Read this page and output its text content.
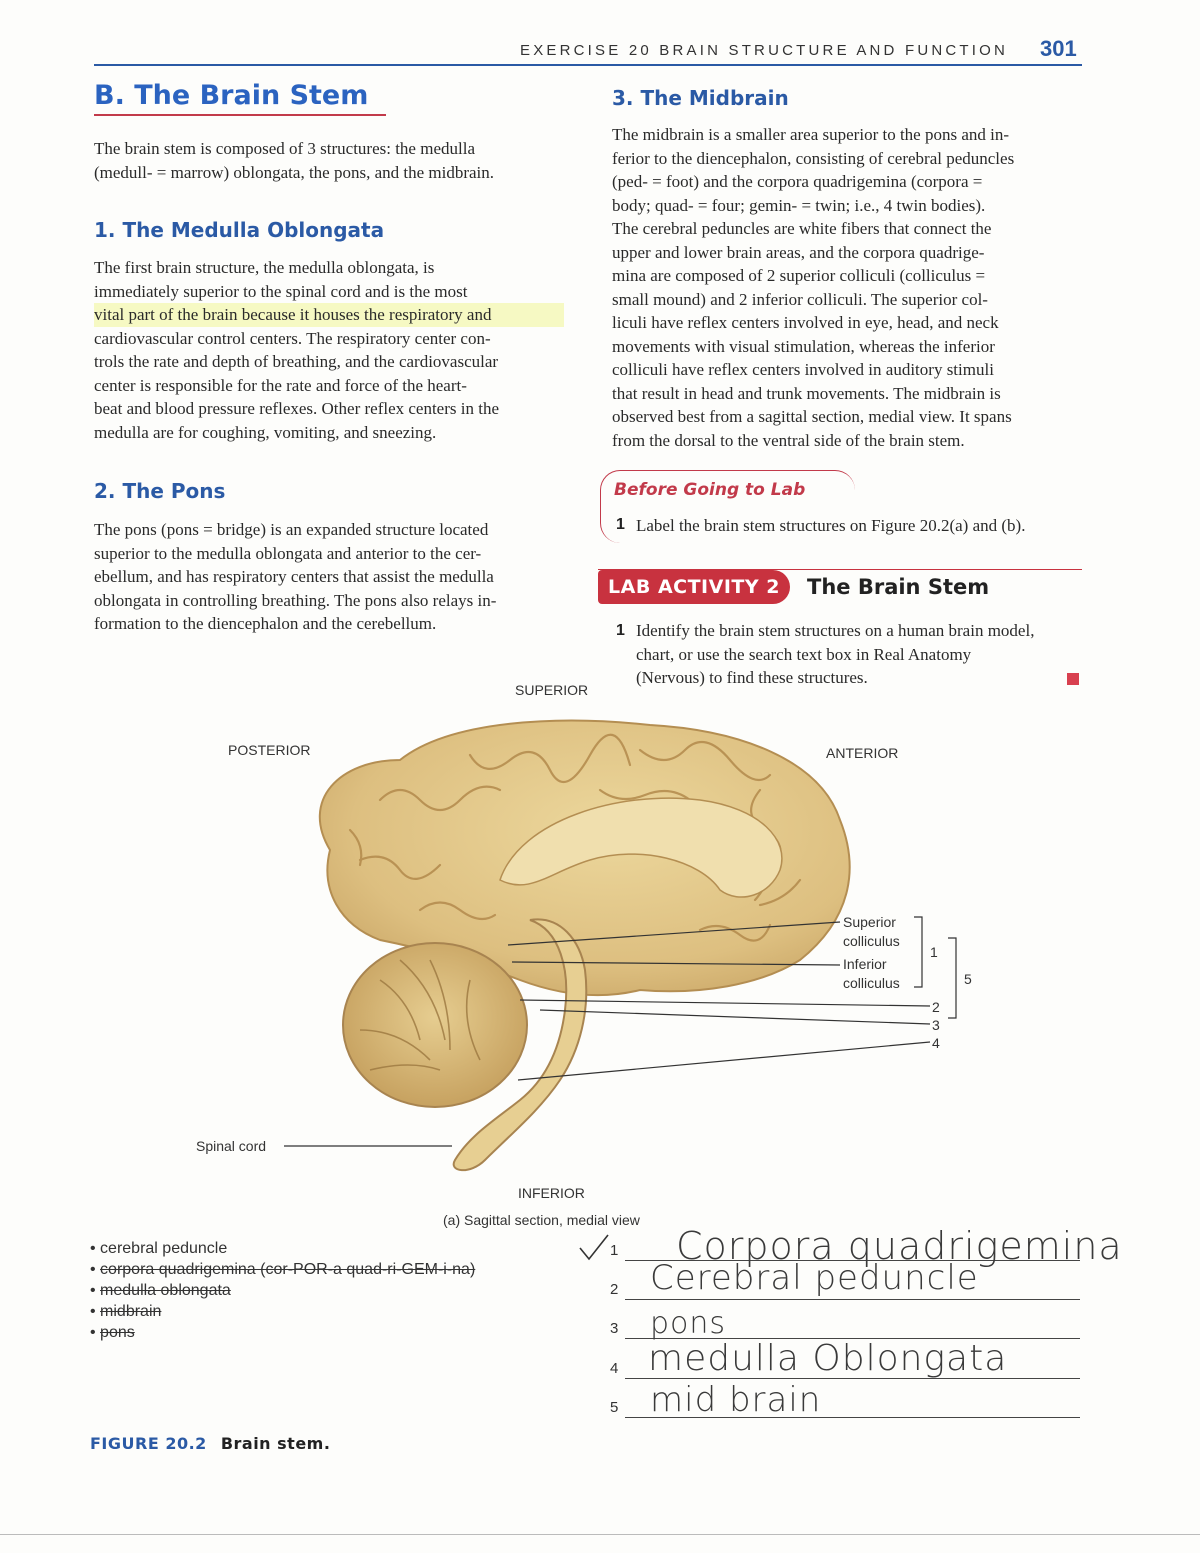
EXERCISE 20 BRAIN STRUCTURE AND FUNCTION 301
B. The Brain Stem
The brain stem is composed of 3 structures: the medulla
(medull- = marrow) oblongata, the pons, and the midbrain.
1. The Medulla Oblongata
The first brain structure, the medulla oblongata, is
immediately superior to the spinal cord and is the most
vital part of the brain because it houses the respiratory and
cardiovascular control centers. The respiratory center con-
trols the rate and depth of breathing, and the cardiovascular
center is responsible for the rate and force of the heart-
beat and blood pressure reflexes. Other reflex centers in the
medulla are for coughing, vomiting, and sneezing.
2. The Pons
The pons (pons = bridge) is an expanded structure located
superior to the medulla oblongata and anterior to the cer-
ebellum, and has respiratory centers that assist the medulla
oblongata in controlling breathing. The pons also relays in-
formation to the diencephalon and the cerebellum.
3. The Midbrain
The midbrain is a smaller area superior to the pons and in-
ferior to the diencephalon, consisting of cerebral peduncles
(ped- = foot) and the corpora quadrigemina (corpora =
body; quad- = four; gemin- = twin; i.e., 4 twin bodies).
The cerebral peduncles are white fibers that connect the
upper and lower brain areas, and the corpora quadrige-
mina are composed of 2 superior colliculi (colliculus =
small mound) and 2 inferior colliculi. The superior col-
liculi have reflex centers involved in eye, head, and neck
movements with visual stimulation, whereas the inferior
colliculi have reflex centers involved in auditory stimuli
that result in head and trunk movements. The midbrain is
observed best from a sagittal section, medial view. It spans
from the dorsal to the ventral side of the brain stem.
Before Going to Lab
1 Label the brain stem structures on Figure 20.2(a) and (b).
LAB ACTIVITY 2	The Brain Stem
1 Identify the brain stem structures on a human brain model,
chart, or use the search text box in Real Anatomy
(Nervous) to find these structures.
SUPERIOR
POSTERIOR	ANTERIOR
INFERIOR
Spinal cord
Superior
colliculus
Inferior
colliculus
1
5
2
3
4
(a) Sagittal section, medial view
• cerebral peduncle
• corpora quadrigemina (cor-POR-a quad-ri-GEM-i-na)
• medulla oblongata
• midbrain
• pons
1 Corpora quadrigemina
2 Cerebral peduncle
3 pons
4 medulla Oblongata
5 mid brain
FIGURE 20.2 Brain stem.
